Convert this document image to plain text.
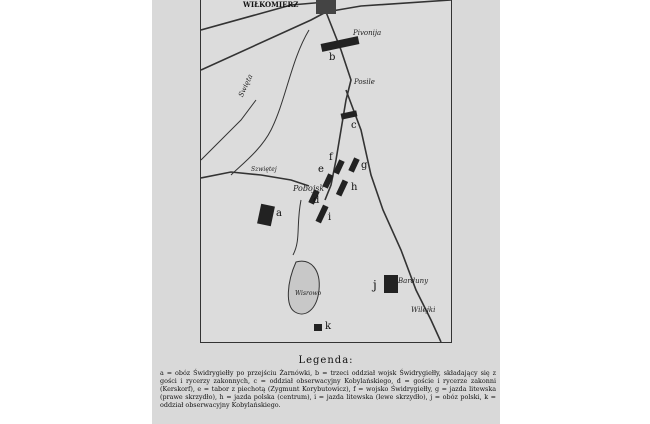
WIŁKOMIERZ
Pivonija
Posile
Pobojsk
Barduny
Wilejki
Swięta
Szwiętej
Wisrowo
b
c
a
f
g
e
h
d
i
j
k
Legenda:
a = obóz Świdrygiełły po przejściu Żarnówki, b = trzeci oddział wojsk Świdrygiełły, składający się z gości i rycerzy zakonnych, c = oddział obserwacyjny Kobylańskiego, d = goście i rycerze zakonni (Kerskorf), e = tabor z piechotą (Zygmunt Korybutowicz), f = wojsko Świdrygiełły, g = jazda litewska (prawe skrzydło), h = jazda polska (centrum), i = jazda litewska (lewe skrzydło), j = obóz polski, k = oddział obserwacyjny Kobylańskiego.
